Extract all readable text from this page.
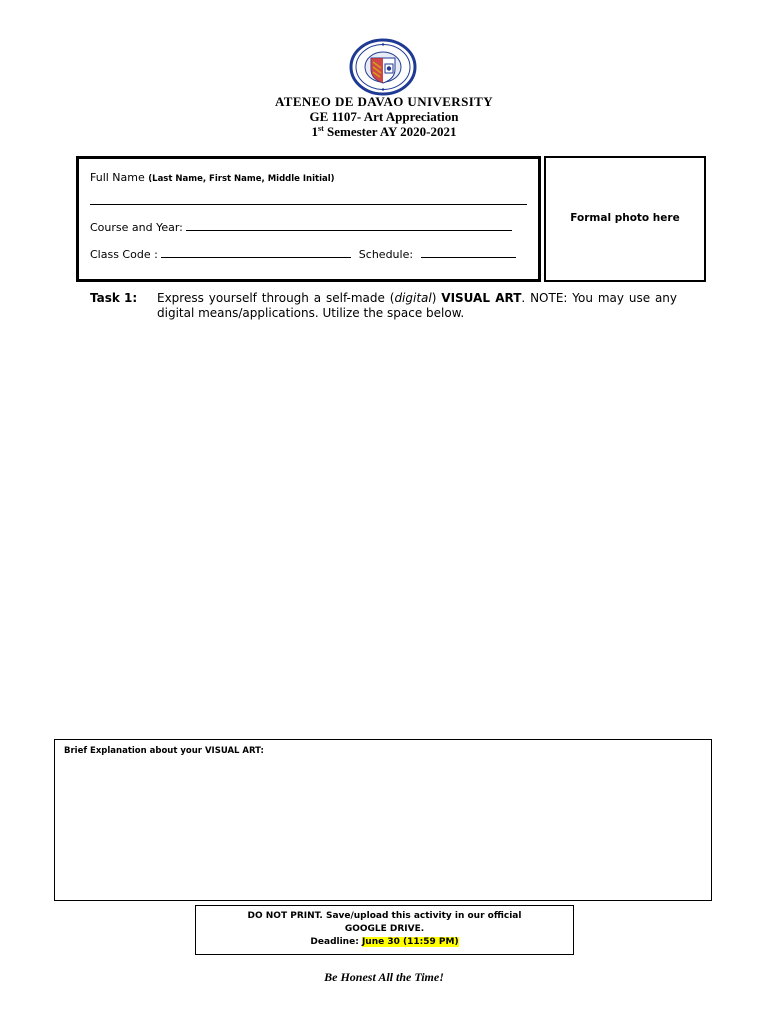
ATENEO DE DAVAO UNIVERSITY
GE 1107- Art Appreciation
1st Semester AY 2020-2021
Full Name (Last Name, First Name, Middle Initial)
Course and Year:
Class Code :	Schedule:
Formal photo here
Task 1: Express yourself through a self-made (digital) VISUAL ART. NOTE: You may use any digital means/applications. Utilize the space below.
Brief Explanation about your VISUAL ART:
DO NOT PRINT. Save/upload this activity in our official
GOOGLE DRIVE.
Deadline: June 30 (11:59 PM)
Be Honest All the Time!
